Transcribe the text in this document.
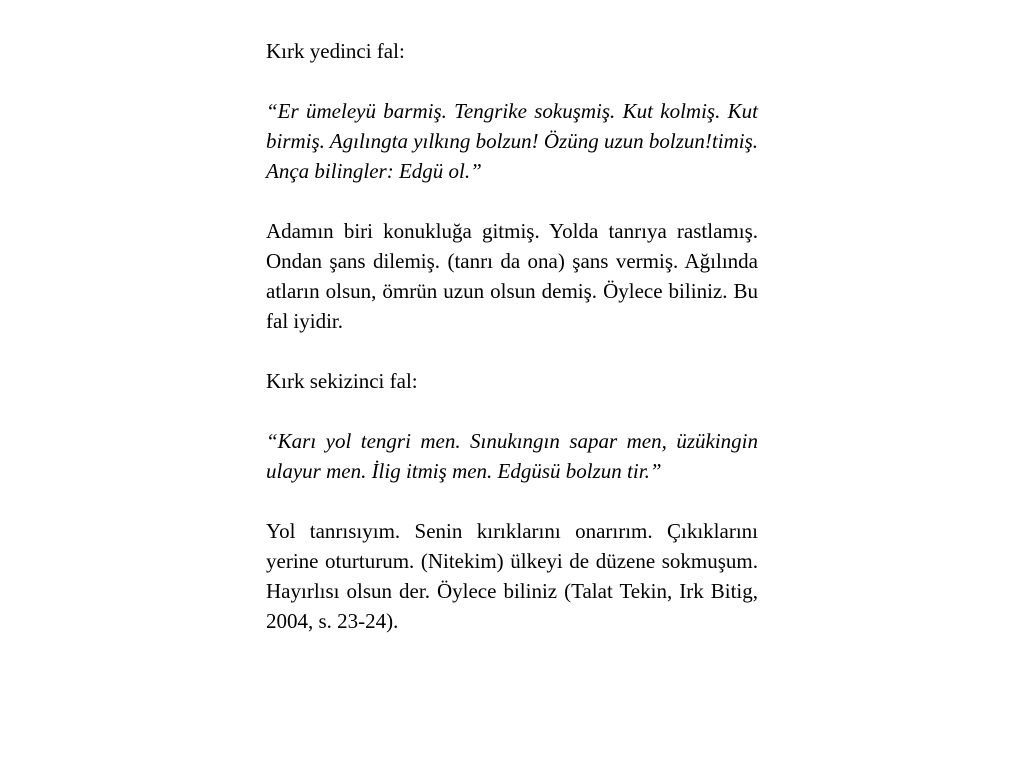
Kırk yedinci fal:

“Er ümeleyü barmiş. Tengrike sokuşmiş. Kut kolmiş. Kut birmiş. Agılıngta yılkıng bolzun! Özüng uzun bolzun!timiş. Ança bilingler: Edgü ol.”

Adamın biri konukluğa gitmiş. Yolda tanrıya rastlamış. Ondan şans dilemiş. (tanrı da ona) şans vermiş. Ağılında atların olsun, ömrün uzun olsun demiş. Öylece biliniz. Bu fal iyidir.

Kırk sekizinci fal:

“Karı yol tengri men. Sınukıngın sapar men, üzükingin ulayur men. İlig itmiş men. Edgüsü bolzun tir.”

Yol tanrısıyım. Senin kırıklarını onarırım. Çıkıklarını yerine oturturum. (Nitekim) ülkeyi de düzene sokmuşum. Hayırlısı olsun der. Öylece biliniz (Talat Tekin, Irk Bitig, 2004, s. 23-24).
